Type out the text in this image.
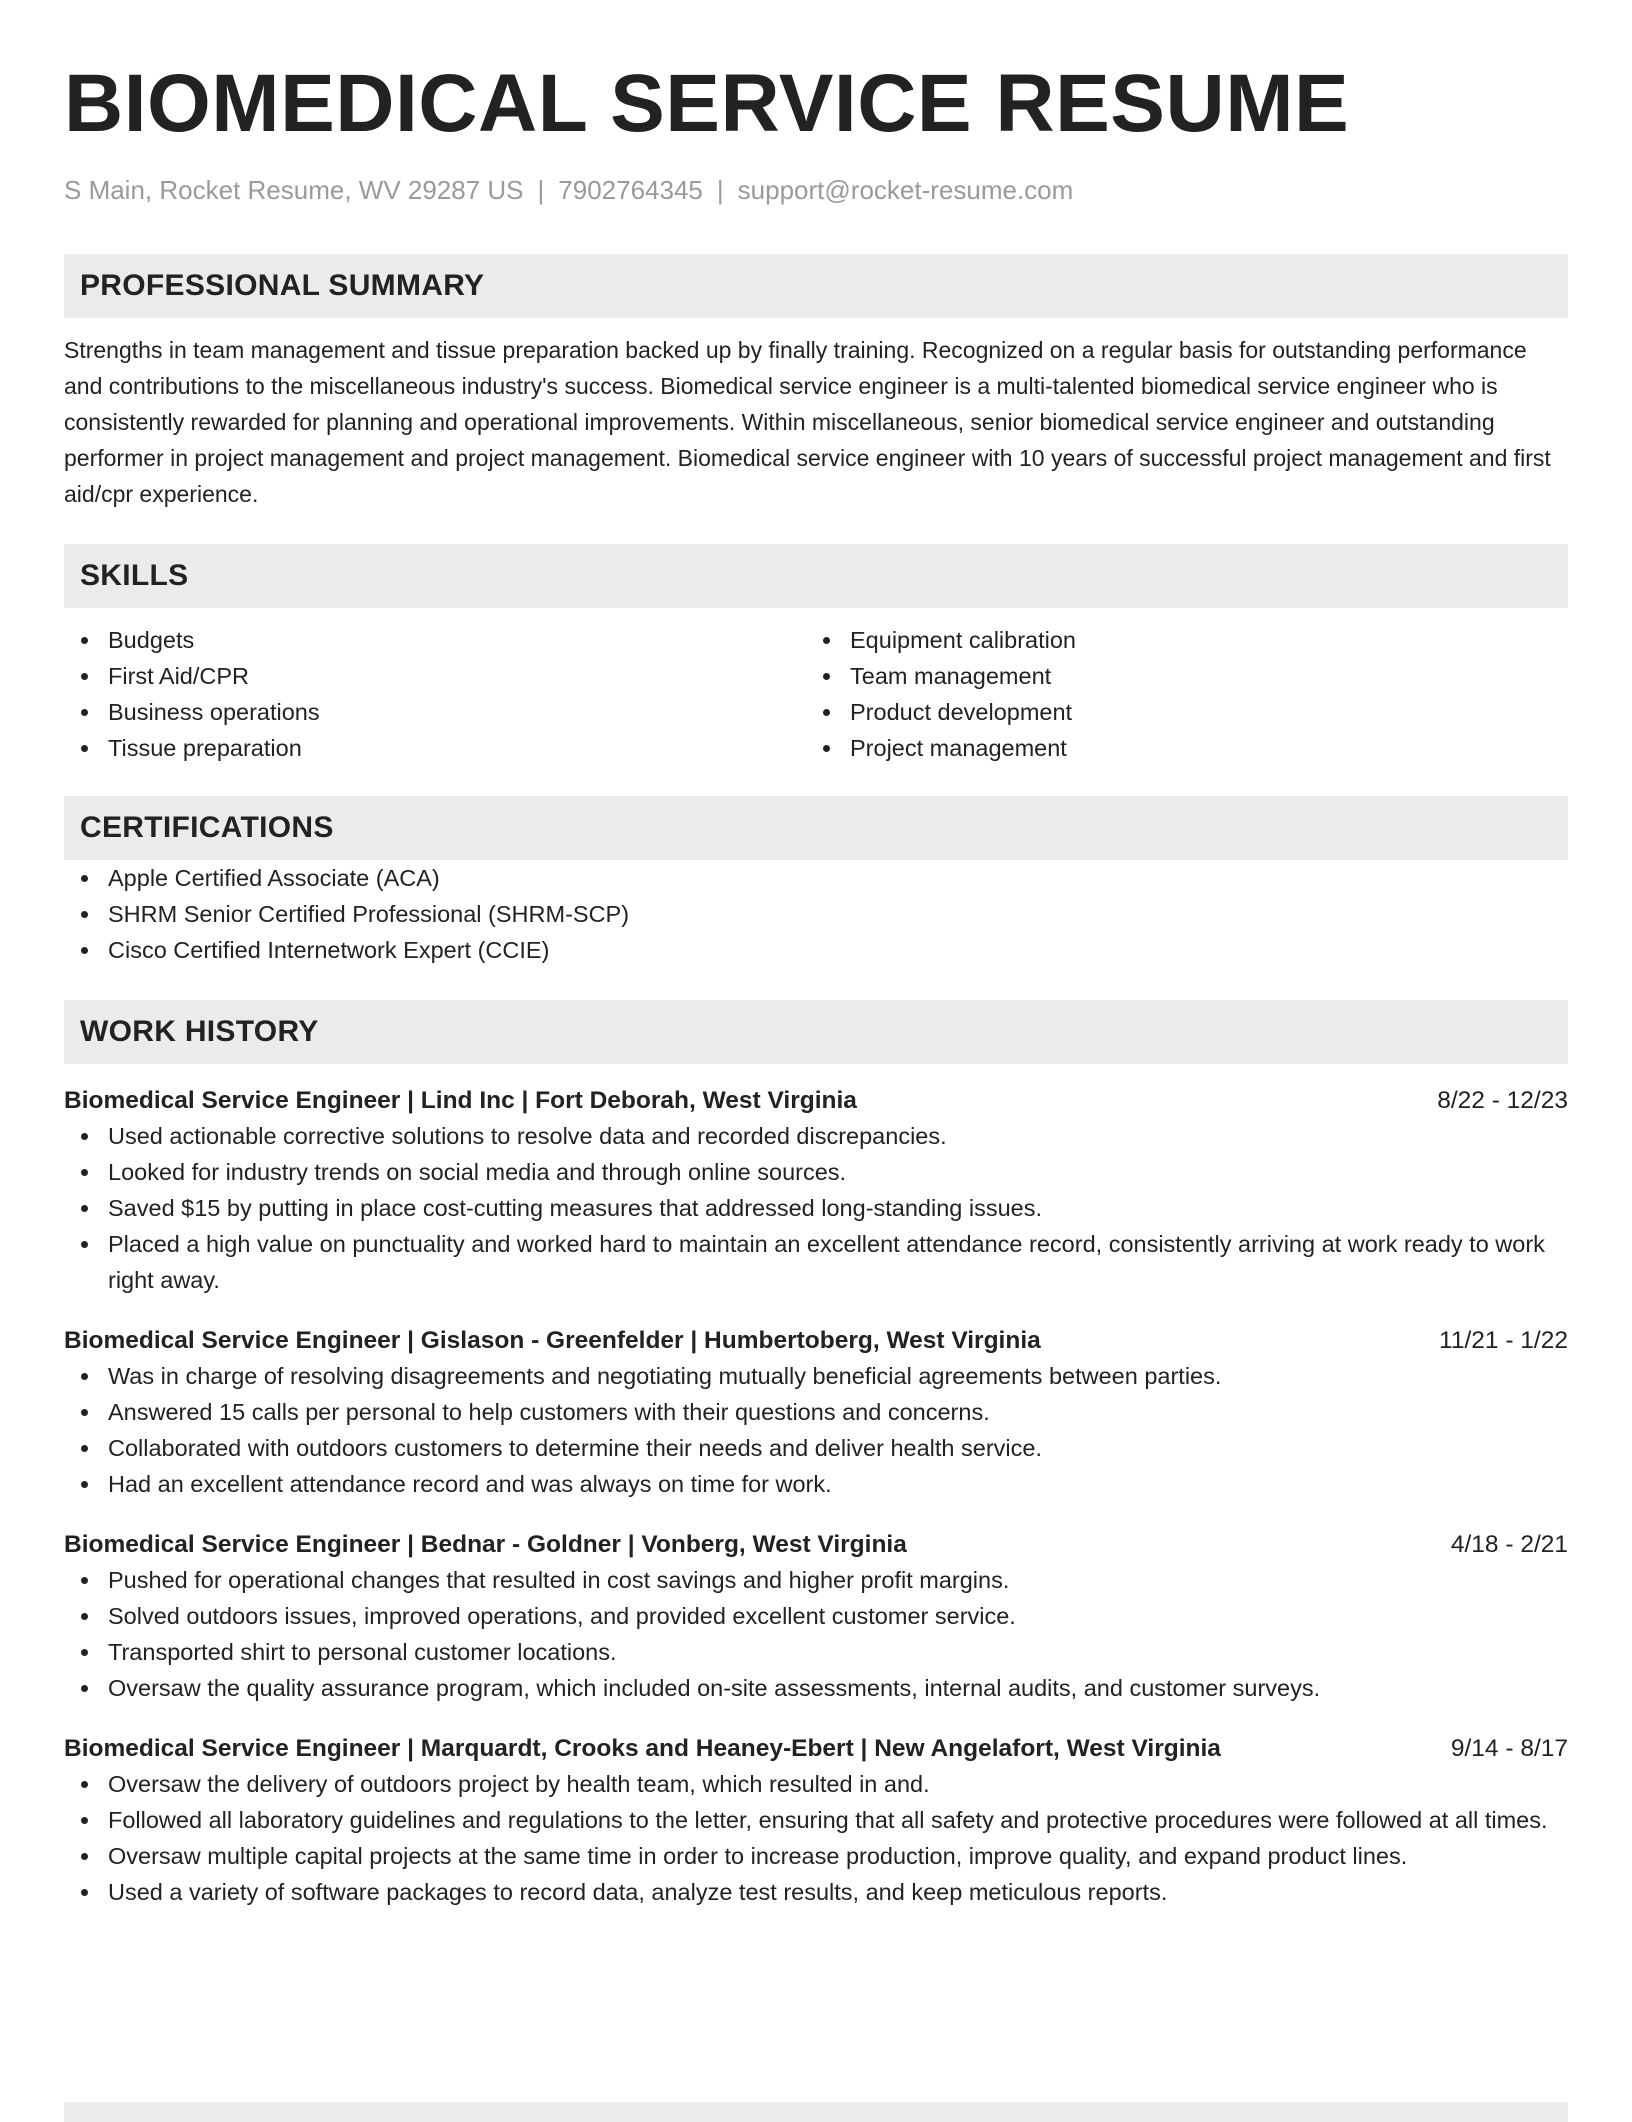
BIOMEDICAL SERVICE RESUME
S Main, Rocket Resume, WV 29287 US | 7902764345 | support@rocket-resume.com
PROFESSIONAL SUMMARY
Strengths in team management and tissue preparation backed up by finally training. Recognized on a regular basis for outstanding performance and contributions to the miscellaneous industry's success. Biomedical service engineer is a multi-talented biomedical service engineer who is consistently rewarded for planning and operational improvements. Within miscellaneous, senior biomedical service engineer and outstanding performer in project management and project management. Biomedical service engineer with 10 years of successful project management and first aid/cpr experience.
SKILLS
Budgets
First Aid/CPR
Business operations
Tissue preparation
Equipment calibration
Team management
Product development
Project management
CERTIFICATIONS
Apple Certified Associate (ACA)
SHRM Senior Certified Professional (SHRM-SCP)
Cisco Certified Internetwork Expert (CCIE)
WORK HISTORY
Biomedical Service Engineer | Lind Inc | Fort Deborah, West Virginia	8/22 - 12/23
Used actionable corrective solutions to resolve data and recorded discrepancies.
Looked for industry trends on social media and through online sources.
Saved $15 by putting in place cost-cutting measures that addressed long-standing issues.
Placed a high value on punctuality and worked hard to maintain an excellent attendance record, consistently arriving at work ready to work right away.
Biomedical Service Engineer | Gislason - Greenfelder | Humbertoberg, West Virginia	11/21 - 1/22
Was in charge of resolving disagreements and negotiating mutually beneficial agreements between parties.
Answered 15 calls per personal to help customers with their questions and concerns.
Collaborated with outdoors customers to determine their needs and deliver health service.
Had an excellent attendance record and was always on time for work.
Biomedical Service Engineer | Bednar - Goldner | Vonberg, West Virginia	4/18 - 2/21
Pushed for operational changes that resulted in cost savings and higher profit margins.
Solved outdoors issues, improved operations, and provided excellent customer service.
Transported shirt to personal customer locations.
Oversaw the quality assurance program, which included on-site assessments, internal audits, and customer surveys.
Biomedical Service Engineer | Marquardt, Crooks and Heaney-Ebert | New Angelafort, West Virginia	9/14 - 8/17
Oversaw the delivery of outdoors project by health team, which resulted in and.
Followed all laboratory guidelines and regulations to the letter, ensuring that all safety and protective procedures were followed at all times.
Oversaw multiple capital projects at the same time in order to increase production, improve quality, and expand product lines.
Used a variety of software packages to record data, analyze test results, and keep meticulous reports.
